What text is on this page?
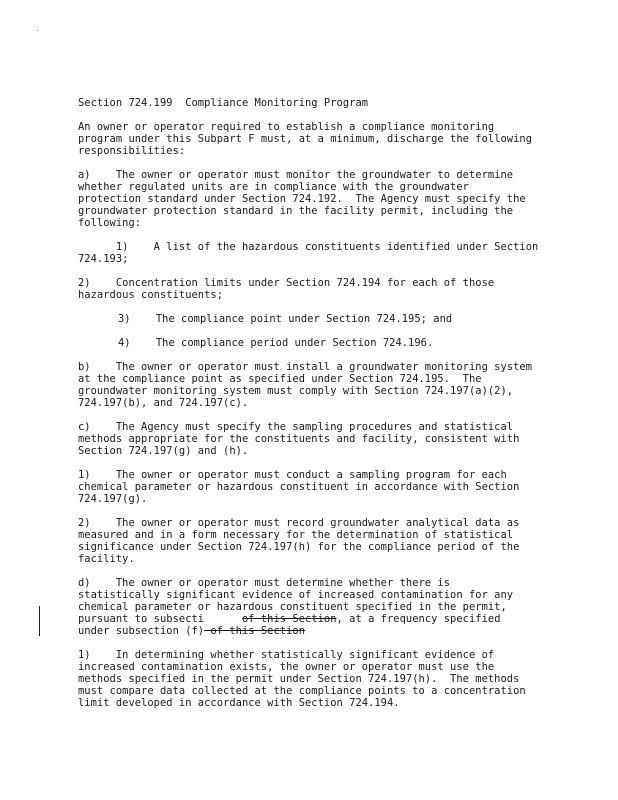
Section 724.199  Compliance Monitoring Program
An owner or operator required to establish a compliance monitoring
program under this Subpart F must, at a minimum, discharge the following
responsibilities:
a)    The owner or operator must monitor the groundwater to determine
whether regulated units are in compliance with the groundwater
protection standard under Section 724.192.  The Agency must specify the
groundwater protection standard in the facility permit, including the
following:
1)    A list of the hazardous constituents identified under Section
724.193;
2)    Concentration limits under Section 724.194 for each of those
hazardous constituents;
3)    The compliance point under Section 724.195; and
4)    The compliance period under Section 724.196.
b)    The owner or operator must install a groundwater monitoring system
at the compliance point as specified under Section 724.195.  The
groundwater monitoring system must comply with Section 724.197(a)(2),
724.197(b), and 724.197(c).
c)    The Agency must specify the sampling procedures and statistical
methods appropriate for the constituents and facility, consistent with
Section 724.197(g) and (h).
1)    The owner or operator must conduct a sampling program for each
chemical parameter or hazardous constituent in accordance with Section
724.197(g).
2)    The owner or operator must record groundwater analytical data as
measured and in a form necessary for the determination of statistical
significance under Section 724.197(h) for the compliance period of the
facility.
d)    The owner or operator must determine whether there is
statistically significant evidence of increased contamination for any
chemical parameter or hazardous constituent specified in the permit,
pursuant to subsecti      of this Section, at a frequency specified
under subsection (f) of this Section
1)    In determining whether statistically significant evidence of
increased contamination exists, the owner or operator must use the
methods specified in the permit under Section 724.197(h).  The methods
must compare data collected at the compliance points to a concentration
limit developed in accordance with Section 724.194.
